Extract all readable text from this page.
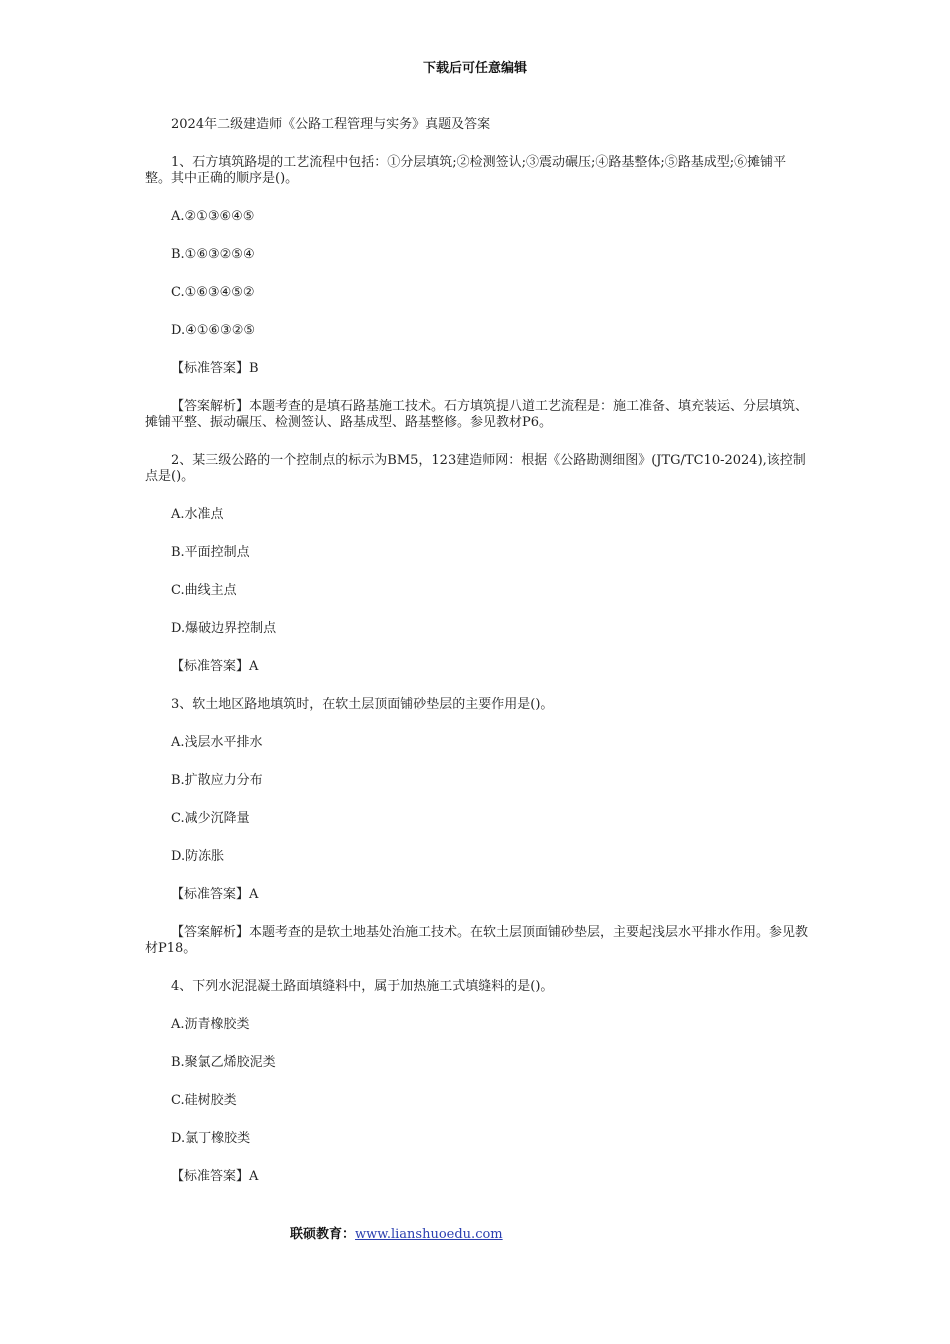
下载后可任意编辑

2024年二级建造师《公路工程管理与实务》真题及答案

1、石方填筑路堤的工艺流程中包括：①分层填筑;②检测签认;③震动碾压;④路基整体;⑤路基成型;⑥摊铺平整。其中正确的顺序是()。

A.②①③⑥④⑤

B.①⑥③②⑤④

C.①⑥③④⑤②

D.④①⑥③②⑤

【标准答案】B

【答案解析】本题考查的是填石路基施工技术。石方填筑提八道工艺流程是：施工准备、填充装运、分层填筑、摊铺平整、振动碾压、检测签认、路基成型、路基整修。参见教材P6。

2、某三级公路的一个控制点的标示为BM5，123建造师网：根据《公路勘测细图》(JTG/TC10-2024),该控制点是()。

A.水准点

B.平面控制点

C.曲线主点

D.爆破边界控制点

【标准答案】A

3、软土地区路地填筑时，在软土层顶面铺砂垫层的主要作用是()。

A.浅层水平排水

B.扩散应力分布

C.减少沉降量

D.防冻胀

【标准答案】A

【答案解析】本题考查的是软土地基处治施工技术。在软土层顶面铺砂垫层，主要起浅层水平排水作用。参见教材P18。

4、下列水泥混凝土路面填缝料中，属于加热施工式填缝料的是()。

A.沥青橡胶类

B.聚氯乙烯胶泥类

C.硅树胶类

D.氯丁橡胶类

【标准答案】A

联硕教育：www.lianshuoedu.com
